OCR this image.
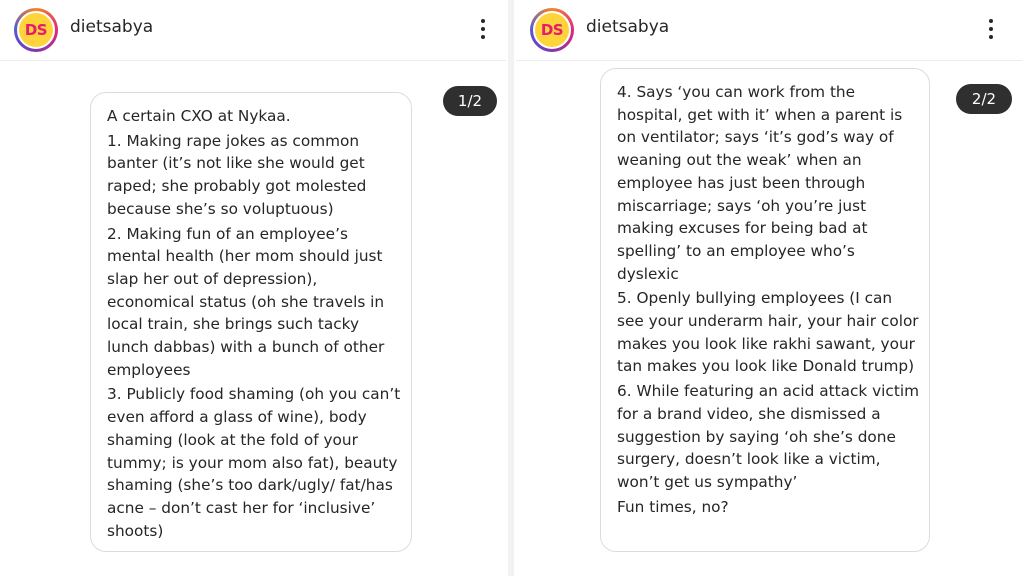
DS	dietsabya
1/2

A certain CXO at Nykaa.

1. Making rape jokes as common banter (it’s not like she would get raped; she probably got molested because she’s so voluptuous)

2. Making fun of an employee’s mental health (her mom should just slap her out of depression), economical status (oh she travels in local train, she brings such tacky lunch dabbas) with a bunch of other employees

3. Publicly food shaming (oh you can’t even afford a glass of wine), body shaming (look at the fold of your tummy; is your mom also fat), beauty shaming (she’s too dark/ugly/ fat/has acne – don’t cast her for ‘inclusive’ shoots)

DS	dietsabya
2/2

4. Says ‘you can work from the hospital, get with it’ when a parent is on ventilator; says ‘it’s god’s way of weaning out the weak’ when an employee has just been through miscarriage; says ‘oh you’re just making excuses for being bad at spelling’ to an employee who’s dyslexic

5. Openly bullying employees (I can see your underarm hair, your hair color makes you look like rakhi sawant, your tan makes you look like Donald trump)

6. While featuring an acid attack victim for a brand video, she dismissed a suggestion by saying ‘oh she’s done surgery, doesn’t look like a victim, won’t get us sympathy’

Fun times, no?
